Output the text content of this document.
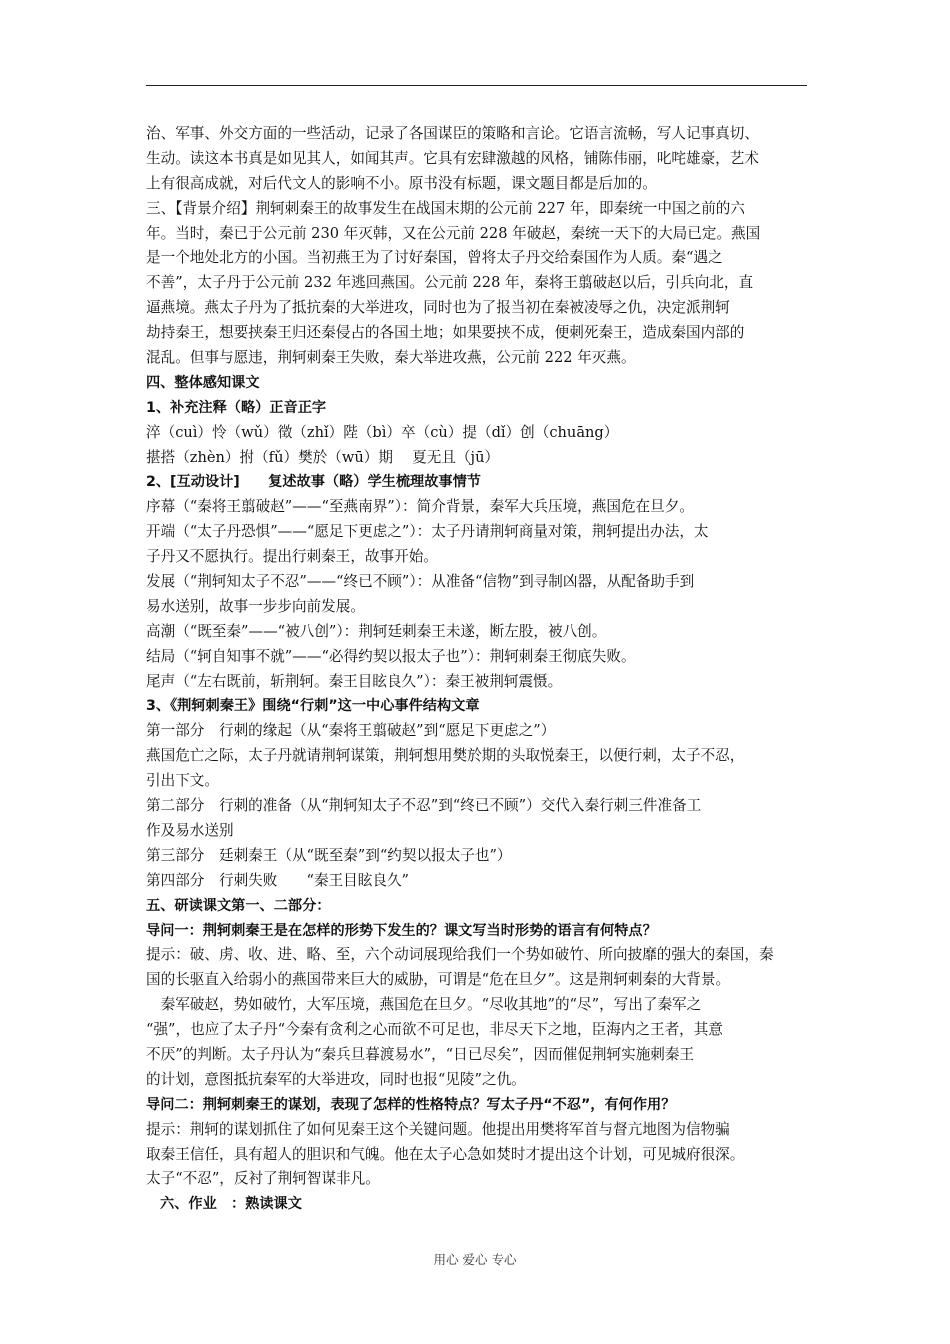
治、军事、外交方面的一些活动，记录了各国谋臣的策略和言论。它语言流畅，写人记事真切、
生动。读这本书真是如见其人，如闻其声。它具有宏肆激越的风格，铺陈伟丽，叱咤雄豪，艺术
上有很高成就，对后代文人的影响不小。原书没有标题，课文题目都是后加的。
三、【背景介绍】荆轲刺秦王的故事发生在战国末期的公元前 227 年，即秦统一中国之前的六
年。当时，秦已于公元前 230 年灭韩，又在公元前 228 年破赵，秦统一天下的大局已定。燕国
是一个地处北方的小国。当初燕王为了讨好秦国，曾将太子丹交给秦国作为人质。秦“遇之
不善”，太子丹于公元前 232 年逃回燕国。公元前 228 年，秦将王翦破赵以后，引兵向北，直
逼燕境。燕太子丹为了抵抗秦的大举进攻，同时也为了报当初在秦被凌辱之仇，决定派荆轲
劫持秦王，想要挟秦王归还秦侵占的各国土地；如果要挟不成，便刺死秦王，造成秦国内部的
混乱。但事与愿违，荆轲刺秦王失败，秦大举进攻燕，公元前 222 年灭燕。
四、整体感知课文
1、补充注释（略）正音正字
淬（cuì）怜（wǔ）徵（zhǐ）陛（bì）卒（cù）提（dǐ）创（chuāng）
揕搭（zhèn）拊（fǔ）樊於（wū）期　 夏无且（jū）
2、[互动设计]　　复述故事（略）学生梳理故事情节
序幕（“秦将王翦破赵”——“至燕南界”）：简介背景，秦军大兵压境，燕国危在旦夕。
开端（“太子丹恐惧”——“愿足下更虑之”）：太子丹请荆轲商量对策，荆轲提出办法，太
子丹又不愿执行。提出行刺秦王，故事开始。
发展（“荆轲知太子不忍”——“终已不顾”）：从准备“信物”到寻制凶器，从配备助手到
易水送别，故事一步步向前发展。
高潮（“既至秦”——“被八创”）：荆轲廷刺秦王未遂，断左股，被八创。
结局（“轲自知事不就”——“必得约契以报太子也”）：荆轲刺秦王彻底失败。
尾声（“左右既前，斩荆轲。秦王目眩良久”）：秦王被荆轲震慑。
3、《荆轲刺秦王》围绕“行刺”这一中心事件结构文章
第一部分　行刺的缘起（从“秦将王翦破赵”到“愿足下更虑之”）
燕国危亡之际，太子丹就请荆轲谋策，荆轲想用樊於期的头取悦秦王，以便行刺，太子不忍，
引出下文。
第二部分　行刺的准备（从“荆轲知太子不忍”到“终已不顾”）交代入秦行刺三件准备工
作及易水送别
第三部分　廷刺秦王（从“既至秦”到“约契以报太子也”）
第四部分　行刺失败　　“秦王目眩良久”
五、研读课文第一、二部分：
导问一：荆轲刺秦王是在怎样的形势下发生的？课文写当时形势的语言有何特点？
提示：破、虏、收、进、略、至，六个动词展现给我们一个势如破竹、所向披靡的强大的秦国，秦
国的长驱直入给弱小的燕国带来巨大的威胁，可谓是“危在旦夕”。这是荆轲刺秦的大背景。
　秦军破赵，势如破竹，大军压境，燕国危在旦夕。“尽收其地”的“尽”，写出了秦军之
“强”，也应了太子丹“今秦有贪利之心而欲不可足也，非尽天下之地，臣海内之王者，其意
不厌”的判断。太子丹认为“秦兵旦暮渡易水”，“日已尽矣”，因而催促荆轲实施刺秦王
的计划，意图抵抗秦军的大举进攻，同时也报“见陵”之仇。
导问二：荆轲刺秦王的谋划，表现了怎样的性格特点？写太子丹“不忍”，有何作用？
提示：荆轲的谋划抓住了如何见秦王这个关键问题。他提出用樊将军首与督亢地图为信物骗
取秦王信任，具有超人的胆识和气魄。他在太子心急如焚时才提出这个计划，可见城府很深。
太子“不忍”，反衬了荆轲智谋非凡。
六、作业　：熟读课文
用心 爱心 专心
